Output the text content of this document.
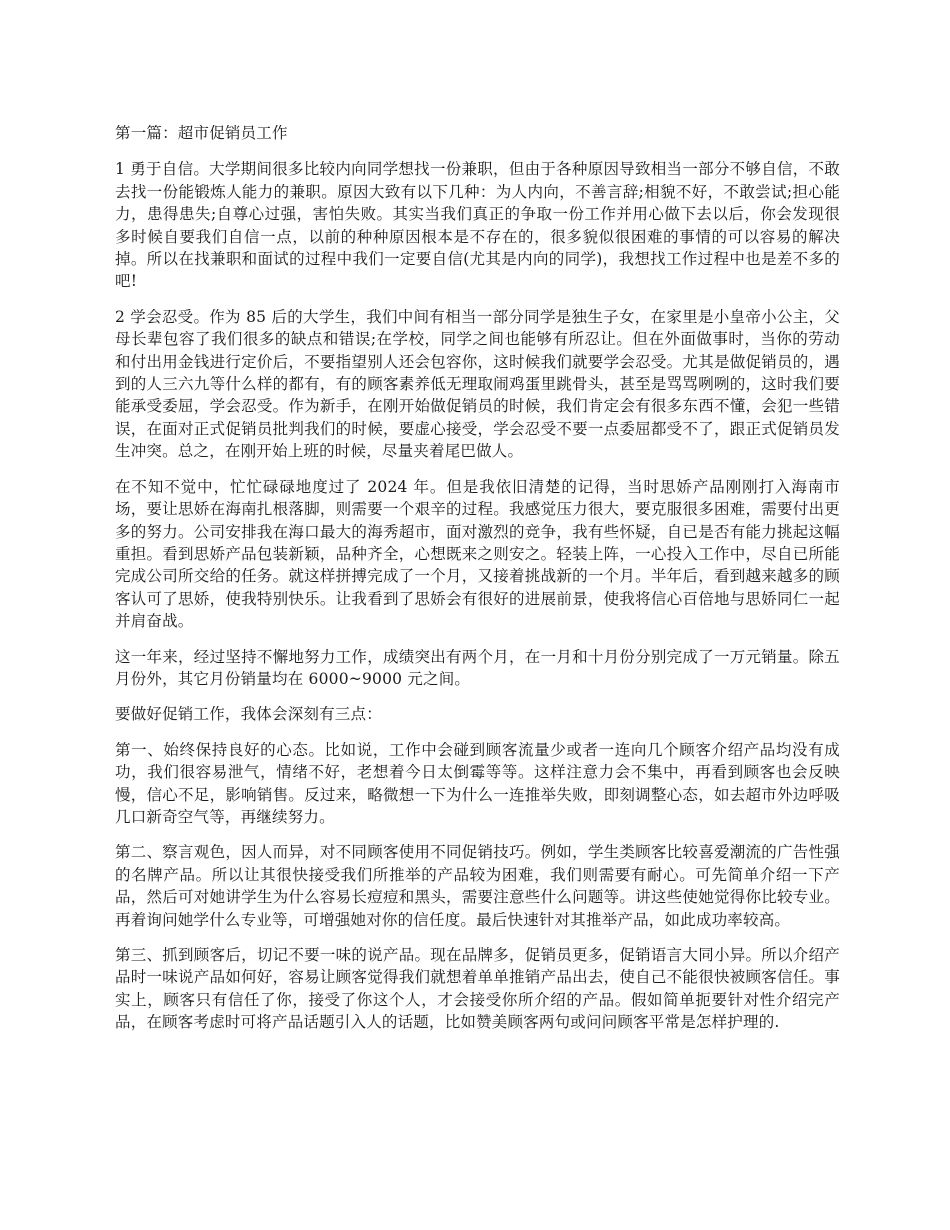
第一篇：超市促销员工作

1 勇于自信。大学期间很多比较内向同学想找一份兼职，但由于各种原因导致相当一部分不够自信，不敢去找一份能锻炼人能力的兼职。原因大致有以下几种：为人内向，不善言辞;相貌不好，不敢尝试;担心能力，患得患失;自尊心过强，害怕失败。其实当我们真正的争取一份工作并用心做下去以后，你会发现很多时候自要我们自信一点，以前的种种原因根本是不存在的，很多貌似很困难的事情的可以容易的解决掉。所以在找兼职和面试的过程中我们一定要自信(尤其是内向的同学)，我想找工作过程中也是差不多的吧!

2 学会忍受。作为 85 后的大学生，我们中间有相当一部分同学是独生子女，在家里是小皇帝小公主，父母长辈包容了我们很多的缺点和错误;在学校，同学之间也能够有所忍让。但在外面做事时，当你的劳动和付出用金钱进行定价后，不要指望别人还会包容你，这时候我们就要学会忍受。尤其是做促销员的，遇到的人三六九等什么样的都有，有的顾客素养低无理取闹鸡蛋里跳骨头，甚至是骂骂咧咧的，这时我们要能承受委屈，学会忍受。作为新手，在刚开始做促销员的时候，我们肯定会有很多东西不懂，会犯一些错误，在面对正式促销员批判我们的时候，要虚心接受，学会忍受不要一点委屈都受不了，跟正式促销员发生冲突。总之，在刚开始上班的时候，尽量夹着尾巴做人。

在不知不觉中，忙忙碌碌地度过了 2024 年。但是我依旧清楚的记得，当时思娇产品刚刚打入海南市场，要让思娇在海南扎根落脚，则需要一个艰辛的过程。我感觉压力很大，要克服很多困难，需要付出更多的努力。公司安排我在海口最大的海秀超市，面对激烈的竞争，我有些怀疑，自已是否有能力挑起这幅重担。看到思娇产品包装新颖，品种齐全，心想既来之则安之。轻装上阵，一心投入工作中，尽自已所能完成公司所交给的任务。就这样拼搏完成了一个月，又接着挑战新的一个月。半年后，看到越来越多的顾客认可了思娇，使我特别快乐。让我看到了思娇会有很好的进展前景，使我将信心百倍地与思娇同仁一起并肩奋战。

这一年来，经过坚持不懈地努力工作，成绩突出有两个月，在一月和十月份分别完成了一万元销量。除五月份外，其它月份销量均在 6000~9000 元之间。

要做好促销工作，我体会深刻有三点：

第一、始终保持良好的心态。比如说，工作中会碰到顾客流量少或者一连向几个顾客介绍产品均没有成功，我们很容易泄气，情绪不好，老想着今日太倒霉等等。这样注意力会不集中，再看到顾客也会反映慢，信心不足，影响销售。反过来，略微想一下为什么一连推举失败，即刻调整心态，如去超市外边呼吸几口新奇空气等，再继续努力。

第二、察言观色，因人而异，对不同顾客使用不同促销技巧。例如，学生类顾客比较喜爱潮流的广告性强的名牌产品。所以让其很快接受我们所推举的产品较为困难，我们则需要有耐心。可先简单介绍一下产品，然后可对她讲学生为什么容易长痘痘和黑头，需要注意些什么问题等。讲这些使她觉得你比较专业。再着询问她学什么专业等，可增强她对你的信任度。最后快速针对其推举产品，如此成功率较高。

第三、抓到顾客后，切记不要一味的说产品。现在品牌多，促销员更多，促销语言大同小异。所以介绍产品时一味说产品如何好，容易让顾客觉得我们就想着单单推销产品出去，使自己不能很快被顾客信任。事实上，顾客只有信任了你，接受了你这个人，才会接受你所介绍的产品。假如简单扼要针对性介绍完产品，在顾客考虑时可将产品话题引入人的话题，比如赞美顾客两句或问问顾客平常是怎样护理的.
